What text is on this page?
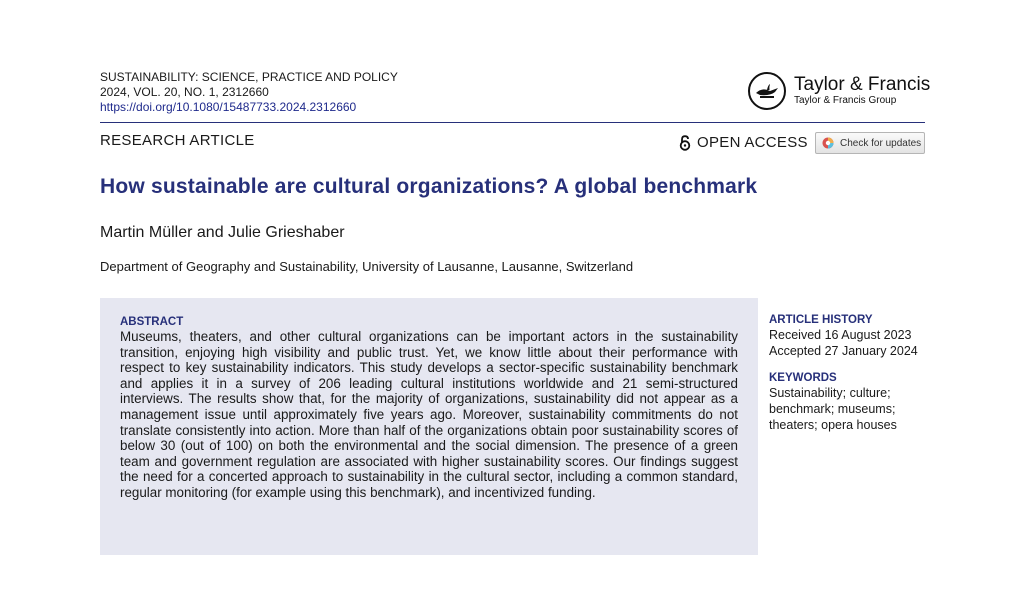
SUSTAINABILITY: SCIENCE, PRACTICE AND POLICY
2024, VOL. 20, NO. 1, 2312660
https://doi.org/10.1080/15487733.2024.2312660
Taylor & Francis
Taylor & Francis Group
RESEARCH ARTICLE	OPEN ACCESS	Check for updates
How sustainable are cultural organizations? A global benchmark
Martin Müller and Julie Grieshaber
Department of Geography and Sustainability, University of Lausanne, Lausanne, Switzerland
ABSTRACT
Museums, theaters, and other cultural organizations can be important actors in the sustainability transition, enjoying high visibility and public trust. Yet, we know little about their performance with respect to key sustainability indicators. This study develops a sector-specific sustainability benchmark and applies it in a survey of 206 leading cultural institutions worldwide and 21 semi-structured interviews. The results show that, for the majority of organizations, sustainability did not appear as a management issue until approximately five years ago. Moreover, sustainability commitments do not translate consistently into action. More than half of the organizations obtain poor sustainability scores of below 30 (out of 100) on both the environmental and the social dimension. The presence of a green team and government regulation are associated with higher sustainability scores. Our findings suggest the need for a concerted approach to sustainability in the cultural sector, including a common standard, regular monitoring (for example using this benchmark), and incentivized funding.
ARTICLE HISTORY
Received 16 August 2023
Accepted 27 January 2024
KEYWORDS
Sustainability; culture; benchmark; museums; theaters; opera houses
